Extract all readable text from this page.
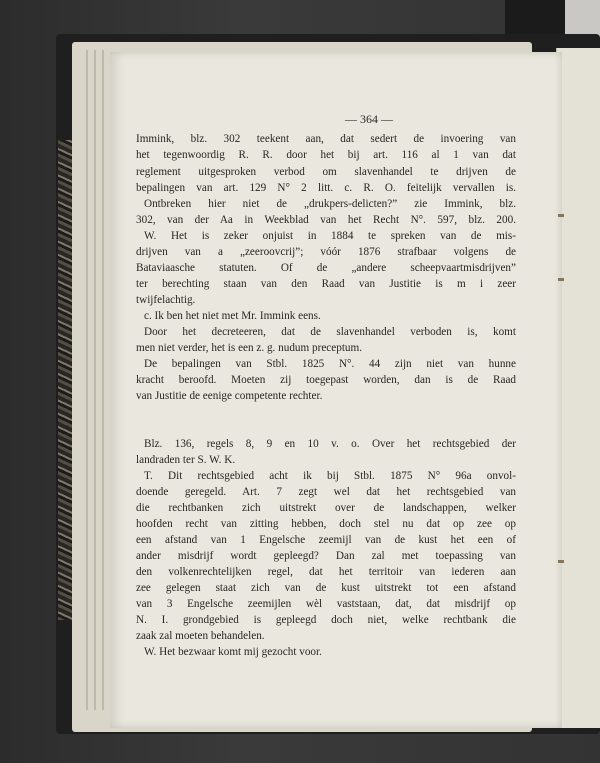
— 364 —
Immink, blz. 302 teekent aan, dat sedert de invoering van
het tegenwoordig R. R. door het bij art. 116 al 1 van dat
reglement uitgesproken verbod om slavenhandel te drijven de
bepalingen van art. 129 N° 2 litt. c. R. O. feitelijk vervallen is.
Ontbreken hier niet de „drukpers-delicten?” zie Immink, blz.
302, van der Aa in Weekblad van het Recht N°. 597, blz. 200.
W. Het is zeker onjuist in 1884 te spreken van de mis-
drijven van a „zeeroovcrij”; vóór 1876 strafbaar volgens de
Bataviaasche statuten. Of de „andere scheepvaartmisdrijven”
ter berechting staan van den Raad van Justitie is m i zeer
twijfelachtig.
c. Ik ben het niet met Mr. Immink eens.
Door het decreteeren, dat de slavenhandel verboden is, komt
men niet verder, het is een z. g. nudum preceptum.
De bepalingen van Stbl. 1825 N°. 44 zijn niet van hunne
kracht beroofd. Moeten zij toegepast worden, dan is de Raad
van Justitie de eenige competente rechter.
Blz. 136, regels 8, 9 en 10 v. o. Over het rechtsgebied der
landraden ter S. W. K.
T. Dit rechtsgebied acht ik bij Stbl. 1875 N° 96a onvol-
doende geregeld. Art. 7 zegt wel dat het rechtsgebied van
die rechtbanken zich uitstrekt over de landschappen, welker
hoofden recht van zitting hebben, doch stel nu dat op zee op
een afstand van 1 Engelsche zeemijl van de kust het een of
ander misdrijf wordt gepleegd? Dan zal met toepassing van
den volkenrechtelijken regel, dat het territoir van iederen aan
zee gelegen staat zich van de kust uitstrekt tot een afstand
van 3 Engelsche zeemijlen wèl vaststaan, dat, dat misdrijf op
N. I. grondgebied is gepleegd doch niet, welke rechtbank die
zaak zal moeten behandelen.
W. Het bezwaar komt mij gezocht voor.
